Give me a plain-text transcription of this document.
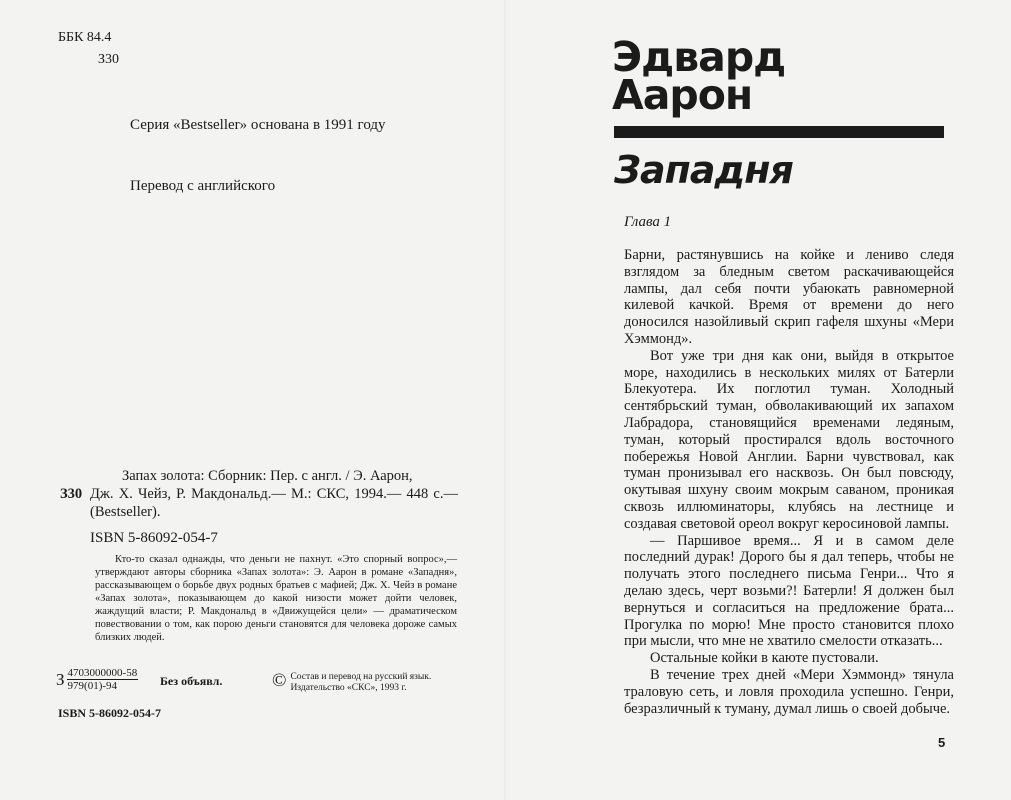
ББК 84.4
З30
Серия «Bestseller» основана в 1991 году
Перевод с английского
Запах золота: Сборник: Пер. с англ. / Э. Аарон,
З30 Дж. Х. Чейз, Р. Макдональд.— М.: СКС, 1994.— 448 с.— (Bestseller).
ISBN 5-86092-054-7
Кто-то сказал однажды, что деньги не пахнут. «Это спорный вопрос»,— утверждают авторы сборника «Запах золота»: Э. Аарон в романе «Западня», рассказывающем о борьбе двух родных братьев с мафией; Дж. Х. Чейз в романе «Запах золота», показывающем до какой низости может дойти человек, жаждущий власти; Р. Макдональд в «Движущейся цели» — драматическом повествовании о том, как порою деньги становятся для человека дороже самых близких людей.
З $\frac{4703000000-58}{979(01)-94}$ Без объявл.	© Состав и перевод на русский язык. Издательство «СКС», 1993 г.
ISBN 5-86092-054-7
Эдвард
Аарон
Западня
Глава 1

Барни, растянувшись на койке и лениво следя взглядом за бледным светом раскачивающейся лампы, дал себя почти убаюкать равномерной килевой качкой. Время от времени до него доносился назойливый скрип гафеля шхуны «Мери Хэммонд».

Вот уже три дня как они, выйдя в открытое море, находились в нескольких милях от Батерли Блекуотера. Их поглотил туман. Холодный сентябрьский туман, обволакивающий их запахом Лабрадора, становящийся временами ледяным, туман, который простирался вдоль восточного побережья Новой Англии. Барни чувствовал, как туман пронизывал его насквозь. Он был повсюду, окутывая шхуну своим мокрым саваном, проникая сквозь иллюминаторы, клубясь на лестнице и создавая световой ореол вокруг керосиновой лампы.

— Паршивое время... Я и в самом деле последний дурак! Дорого бы я дал теперь, чтобы не получать этого последнего письма Генри... Что я делаю здесь, черт возьми?! Батерли! Я должен был вернуться и согласиться на предложение брата... Прогулка по морю! Мне просто становится плохо при мысли, что мне не хватило смелости отказать...

Остальные койки в каюте пустовали.

В течение трех дней «Мери Хэммонд» тянула траловую сеть, и ловля проходила успешно. Генри, безразличный к туману, думал лишь о своей добыче.

5
